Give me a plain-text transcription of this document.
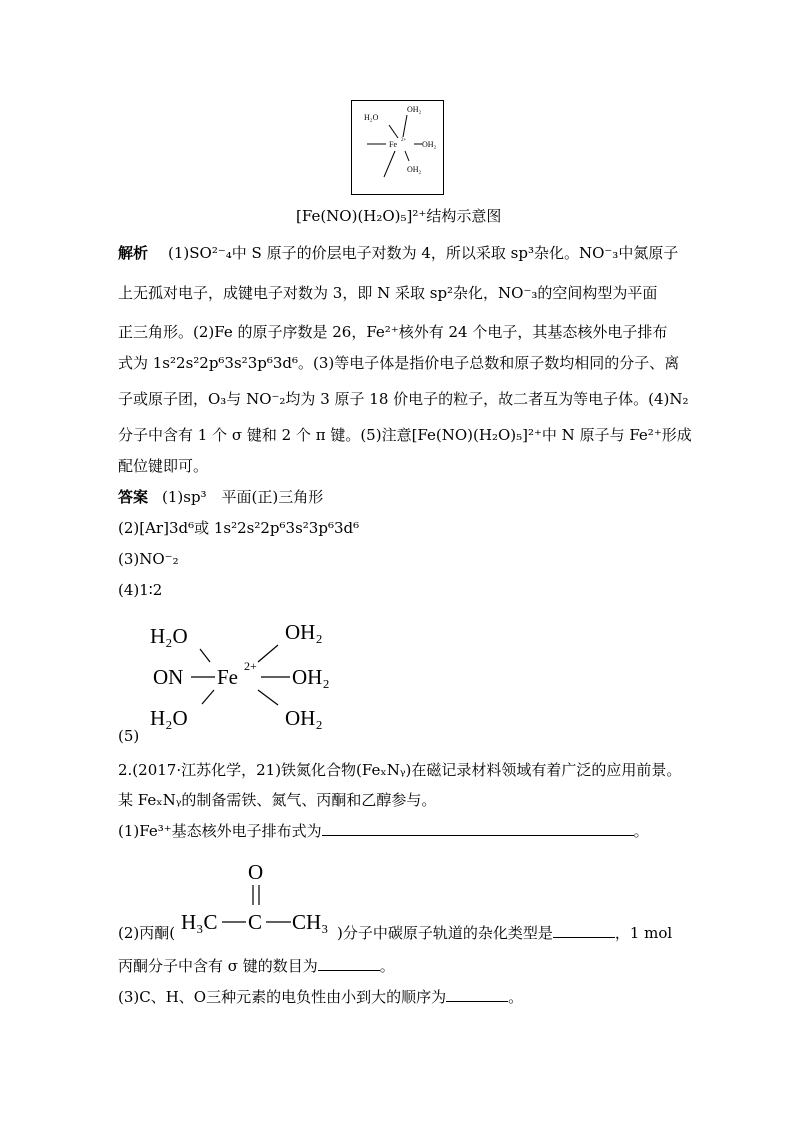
H₂O
OH₂
Fe 2+ OH₂
OH₂
[Fe(NO)(H₂O)₅]²⁺结构示意图
解析 (1)SO²⁻₄中 S 原子的价层电子对数为 4，所以采取 sp³杂化。NO⁻₃中氮原子
上无孤对电子，成键电子对数为 3，即 N 采取 sp²杂化，NO⁻₃的空间构型为平面
正三角形。(2)Fe 的原子序数是 26，Fe²⁺核外有 24 个电子，其基态核外电子排布
式为 1s²2s²2p⁶3s²3p⁶3d⁶。(3)等电子体是指价电子总数和原子数均相同的分子、离
子或原子团，O₃与 NO⁻₂均为 3 原子 18 价电子的粒子，故二者互为等电子体。(4)N₂
分子中含有 1 个 σ 键和 2 个 π 键。(5)注意[Fe(NO)(H₂O)₅]²⁺中 N 原子与 Fe²⁺形成
配位键即可。
答案 (1)sp³　平面(正)三角形
(2)[Ar]3d⁶或 1s²2s²2p⁶3s²3p⁶3d⁶
(3)NO⁻₂
(4)1∶2
H₂O	OH₂
ON Fe 2+ OH₂
H₂O	OH₂
(5)
2.(2017·江苏化学，21)铁氮化合物(FeₓNᵧ)在磁记录材料领域有着广泛的应用前景。
某 FeₓNᵧ的制备需铁、氮气、丙酮和乙醇参与。
(1)Fe³⁺基态核外电子排布式为	。
(2)丙酮(
O
H₃C C CH₃ )分子中碳原子轨道的杂化类型是	，1 mol
丙酮分子中含有 σ 键的数目为	。
(3)C、H、O三种元素的电负性由小到大的顺序为	。
